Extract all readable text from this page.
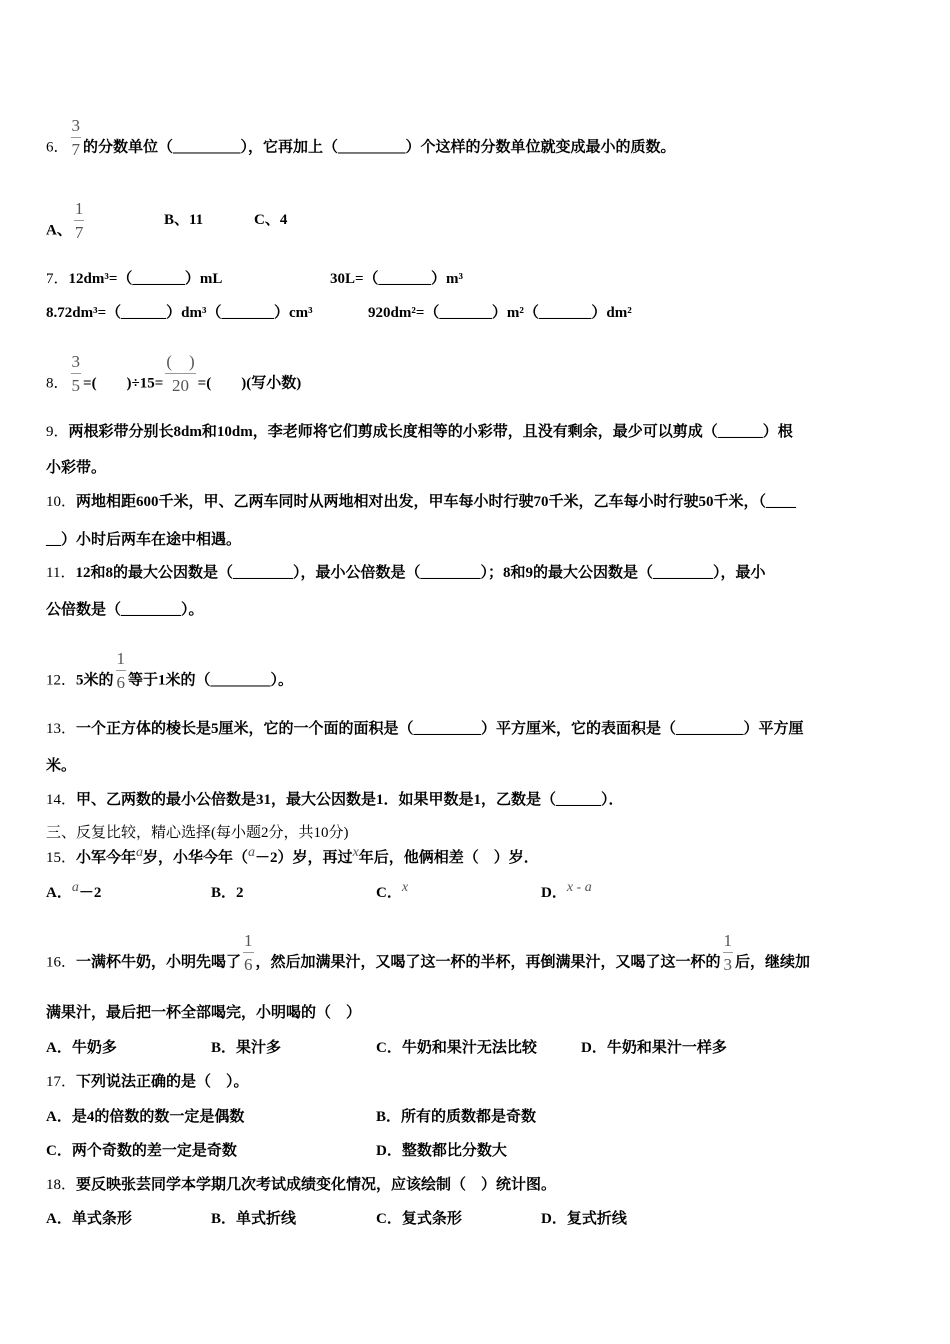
6． $\frac{3}{7}$ 的分数单位（_________），它再加上（_________）个这样的分数单位就变成最小的质数。
A、 $\frac{1}{7}$	B、11	C、4
7．12dm³=（_______）mL	30L=（_______）m³
8.72dm³=（______）dm³（_______）cm³	920dm²=（_______）m²（_______）dm²
8． $\frac{3}{5}$ =(　　)$\div 15= \frac{( )}{20}$ =(　　)(写小数)
9．两根彩带分别长8dm和10dm，李老师将它们剪成长度相等的小彩带，且没有剩余，最少可以剪成（______）根
小彩带。
10．两地相距600千米，甲、乙两车同时从两地相对出发，甲车每小时行驶70千米，乙车每小时行驶50千米，（____
__）小时后两车在途中相遇。
11．12和8的最大公因数是（________），最小公倍数是（________）；8和9的最大公因数是（________），最小
公倍数是（________）。
12．5米的 $\frac{1}{6}$ 等于1米的（________）。
13．一个正方体的棱长是5厘米，它的一个面的面积是（_________）平方厘米，它的表面积是（_________）平方厘
米。
14．甲、乙两数的最小公倍数是31，最大公因数是1．如果甲数是1，乙数是（______）．
三、反复比较，精心选择(每小题2分，共10分)
15．小军今年a岁，小华今年（a－2）岁，再过x年后，他俩相差（　）岁．
A．a－2	B．2	C．x	D．x - a
16．一满杯牛奶，小明先喝了 $\frac{1}{6}$ ，然后加满果汁，又喝了这一杯的半杯，再倒满果汁，又喝了这一杯的 $\frac{1}{3}$ 后，继续加
满果汁，最后把一杯全部喝完，小明喝的（　）
A．牛奶多	B．果汁多	C．牛奶和果汁无法比较	D．牛奶和果汁一样多
17．下列说法正确的是（　）。
A．是4的倍数的数一定是偶数	B．所有的质数都是奇数
C．两个奇数的差一定是奇数	D．整数都比分数大
18．要反映张芸同学本学期几次考试成绩变化情况，应该绘制（　）统计图。
A．单式条形	B．单式折线	C．复式条形	D．复式折线
